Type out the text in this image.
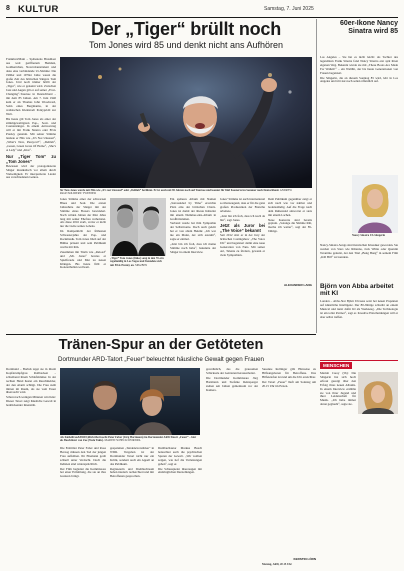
8 KULTUR	Samstag, 7. Juni 2025
Der „Tiger“ brüllt noch
Tom Jones wird 85 und denkt nicht ans Aufhören

Frankfurt/Main – Spätestens Brusthaar aus weit geöffnetem Hemden, Goldkettchen, Novel-Kunsttalent und dazu eine verbindende Ur-Stimme: Die 1960er und 1970er Jahre waren die große Zeit des britischen Sängers Tom Jones. Und noch immer brüllt der „Tiger“, wie er genannt wird. Zwischen Jazz und Augen gilt er auf seiner „Ever-Changing“-Tournee in Deutschland – mit dem 85 Jahren. Am 7. Juni 1940 kam er als Thomas John Woodward, Sohn eines Bergmanns, in der walisischen Kleinstadt Pontypridd zur Welt.

Bis heute gilt Tom Jones als einer der stimmgewaltigsten Pop-, Soul- und Countersänger. In einem Antwortzug will er mit Frank Sinatra oder Elvis Presley genannt. Mit seiner Stimme landete er Hits wie „It’s Not Unusual“, „What’s New, Pussycat?“, „Delilah“, „Green, Green Grass Of Home“, „She’s A Lady“ und „Kiss“.

Nur „Tiger Tom“ zu „Tom Jones“

Bewiesen wird der protagonisierte Sänger musikalisch vor allem durch Vielseitigkeit. Er interpretierte Lieder aus verschiedenen Genres.

Sir Tom Jones wurde mit Hits wie „It’s not Unusual“ oder „Delilah“ berühmt. Er ist auch mit 85 Jahren noch auf Tournee und kommt für fünf Konzerte im Sommer nach Deutschland. ANDREW PAGE/SOLDIERS/ TWEENER

Jones Stimme einer der schwarzen Blues und Soul. Die ersten Jahrzehnte der Sänger mit der Stimme eines Boxers bewundert. Nach wilden Jahren der 60er Jahre lang mit seiner Ehefrau verheiratet. Als diese 2016 starb, verlor er nicht nur die Liebe seines Lebens.

Im Rampenlicht der frühesten Schwesterjahre der Pop- und Rockmusik. Tom Jones blieb auf der Bühne präsent und sein Publikum wuchs mit ihm.

Zusammen mit Titeln wie „Reload“ und „Mr. Jones“ bewies er Spielfreude und Mut zu neuen Klängen. Bis heute füllt er Konzerthallen weltweit.

„Tiger“ Tom Jones (links) sang in den 70-ern regelmäßig in Las Vegas und freundete sich mit Elvis Presley an. SIPA/BNS

Ein späteres Album mit Namen „Surrounded by Time“ erreichte Platz eins der britischen Charts. Jones ist damit der älteste Künstler mit einem Nummer-eins-Album in Großbritannien.

Verband wurde bei ihm Sympathie der Selbstironie. Doch auch gelebt hat er von allem Hektik: „Ich war nie ein Mann, der sich ausruht“, sagte er einmal.

„Jetzt bin ich froh, dass ich meine Stimme noch habe“, bekannte der Sänger in einem Interview.

Jones’ Stimme ist auch international so überzeugend, dass er für die ganz großen Produzenten der Branche arbeitete.

„Jetzt bin ich froh, dass ich noch da bin“, sagt Jones.

Jetzt als Juror bei „The Voice“ bekannt

Seit 2012 sitzt er in der Jury der britischen Castingshow „The Voice UK“ und begeistert damit eine neue Generation von Fans. Mit seiner Art, Talente zu fördern, gewann er viele Sympathien.

Dem Publikum gegenüber zeigt er sich nach wie vor nahbar und bodenständig. Auf die Frage nach dem Ruhestand antwortet er stets mit einem Lachen.

Neue Konzerte sind bereits geplant. „Solange die Stimme hält, mache ich weiter“, sagt der 85-Jährige.

ALEXANDER LANG
60er-Ikone Nancy Sinatra wird 85

Los Angeles – Sie hat es nicht leicht: als Tochter des legendären Frank Sinatra fand Nancy Sinatra erst spät ihren eigenen Weg. Bekannt wurde sie mit „These Boots Are Made For Walkin’“ – ein Welthit, der bis heute Generationen von Frauen begeistert.

Die Sängerin, die an diesem Sonntag 85 wird, lebt in Los Angeles und tritt nur noch selten öffentlich auf.

Nancy Sinatra US-Sängerin

Nancy-Sinatra-Songs sind inzwischen Klassiker geworden. Sie werden von Stars wie Rihanna, Jack White oder Quentin Tarantino genutzt, der den Titel „Bang Bang“ in seinem Film „Kill Bill“ verwendete.

Björn von Abba arbeitet mit KI

London – Abba-Star Björn Ulvaeus setzt bei neuen Projekten auf künstliche Intelligenz. Der 80-Jährige schreibt an einem Musical und nutzt dafür KI als Werkzeug. „Die Technologie ist ein toller Partner“, sagt er. Kreative Entscheidungen will er aber selbst treffen.

MENSCHEN

Mariah Carey (56): Die Sängerin hat sich hoch erfreut gezeigt über den Erfolg ihres neuen Albums. In einem Interview erzählte sie von ihrer Jugend und ihrer Leidenschaft für Musik. „Ich habe immer daran geglaubt“, sagte sie.

Tränen-Spur an der Getöteten
Dortmunder ARD-Tatort „Feuer“ beleuchtet häusliche Gewalt gegen Frauen

Dortmund – Barfuß tappt sie in ihrem Kopfstrumpfgrau Rollbacken – schreibend ihrem Schlafzimmer. In der rechten Hand hustet ein Rauchmelder, der den Alarm schlägt. Die Frau steht mitten im Raum, als sie vom Feuer überrascht wird.

Schon nach wenigen Minuten wird klar: Dieser Tatort zeigt häusliche Gewalt in bedrückender Intensität.

Als Kiebelfrau&#8203;dlich überrascht Peter Faber (Jörg Hartmann) im Dortmunder ARD-Tatort „Feuer“ – hier als Beschützer von Zoe (Tesla Takis). MARTIN SCHECK/WDR/DPA

Die Ermittler Peter Faber und Rosa Herzog müssen den Tod der jungen Frau aufklären. Ihr Ehemann gerät schnell unter Verdacht. Doch die Indizien sind widersprüchlich.

Der Film begleitet die Kommissare bei einer Ermittlung, die sie an ihre Grenzen bringt.

gespannten „Tendenzverstärker“ in WDR. Vergeben ist der Dortmunder Tatort nicht nur ein Krimi, sondern auch ein Appell an das Publikum.

Regisseurin und Drehbuchteam haben intensiv recherchiert und mit Betroffenen gesprochen.

Drehbuchautor Markus Busch beleuchtet auch die psychischen Spuren der Gewalt. „Wir wollten zeigen, wie tief die Verletzungen gehen“, sagt er.

Die Schauspieler überzeugen mit eindringlichen Darstellungen.

gewöhnlich, das die grausamen Schicksale der Getöteten herausarbeitet.

Die Dortmunder Kommissare Jörg Hartmann und Stefanie Reinsperger stehen seit Jahren gemeinsam vor der Kamera.

Susanne Rollinger gibt Hinweise zu Hilfsangeboten für Betroffene. Das Hilfetelefon ist rund um die Uhr erreichbar.

Der Tatort „Feuer“ läuft am Sonntag um 20.15 Uhr im Ersten.

KERSTIN LÖRN
Montag, ARD, 20.15 Uhr
